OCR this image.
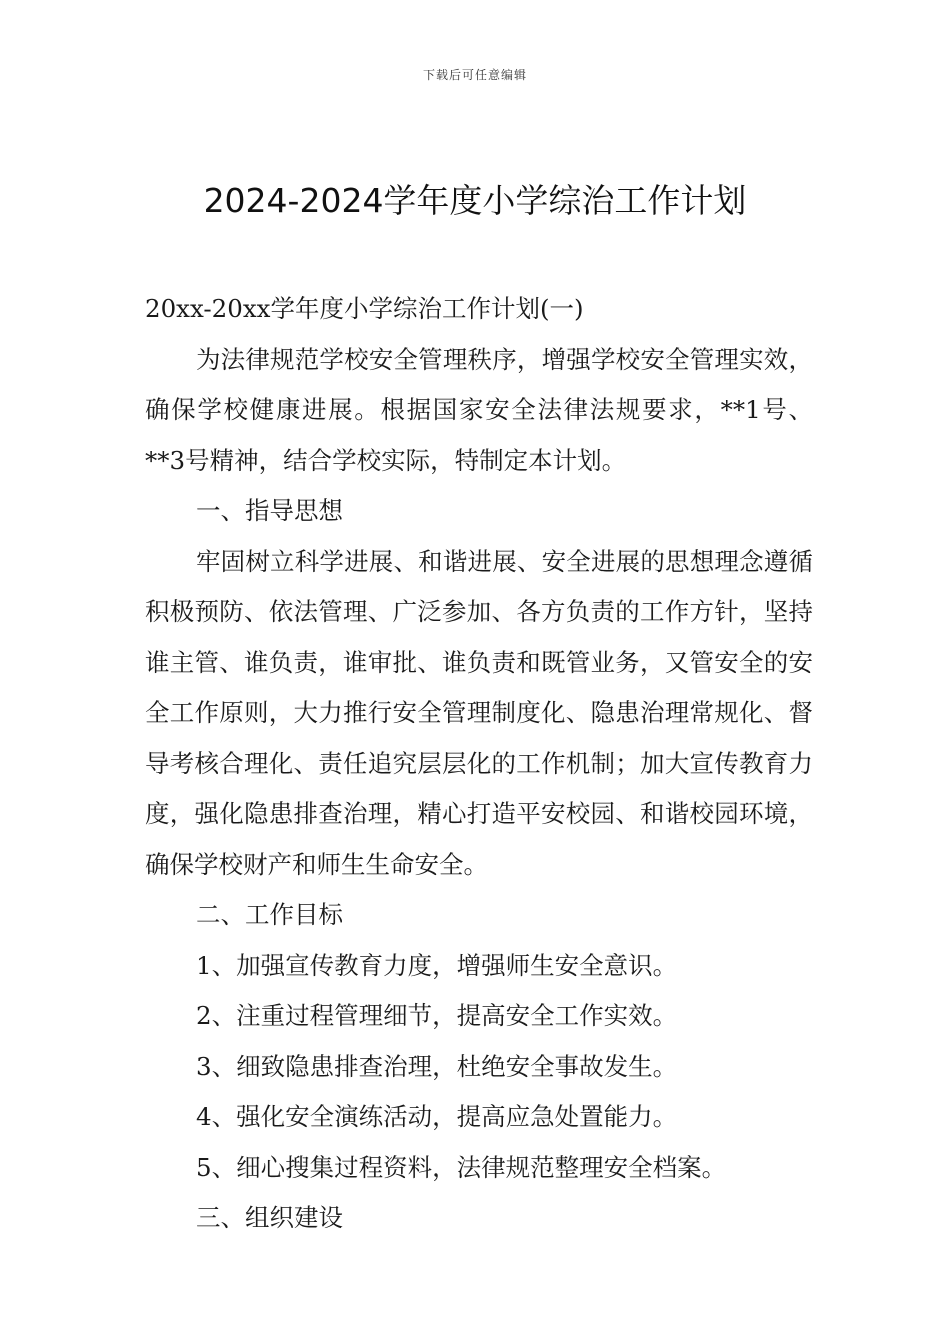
下载后可任意编辑
2024-2024学年度小学综治工作计划

20xx-20xx学年度小学综治工作计划(一)

为法律规范学校安全管理秩序，增强学校安全管理实效，确保学校健康进展。根据国家安全法律法规要求，**1号、**3号精神，结合学校实际，特制定本计划。

一、指导思想

牢固树立科学进展、和谐进展、安全进展的思想理念遵循积极预防、依法管理、广泛参加、各方负责的工作方针，坚持谁主管、谁负责，谁审批、谁负责和既管业务，又管安全的安全工作原则，大力推行安全管理制度化、隐患治理常规化、督导考核合理化、责任追究层层化的工作机制；加大宣传教育力度，强化隐患排查治理，精心打造平安校园、和谐校园环境，确保学校财产和师生生命安全。

二、工作目标

1、加强宣传教育力度，增强师生安全意识。

2、注重过程管理细节，提高安全工作实效。

3、细致隐患排查治理，杜绝安全事故发生。

4、强化安全演练活动，提高应急处置能力。

5、细心搜集过程资料，法律规范整理安全档案。

三、组织建设
